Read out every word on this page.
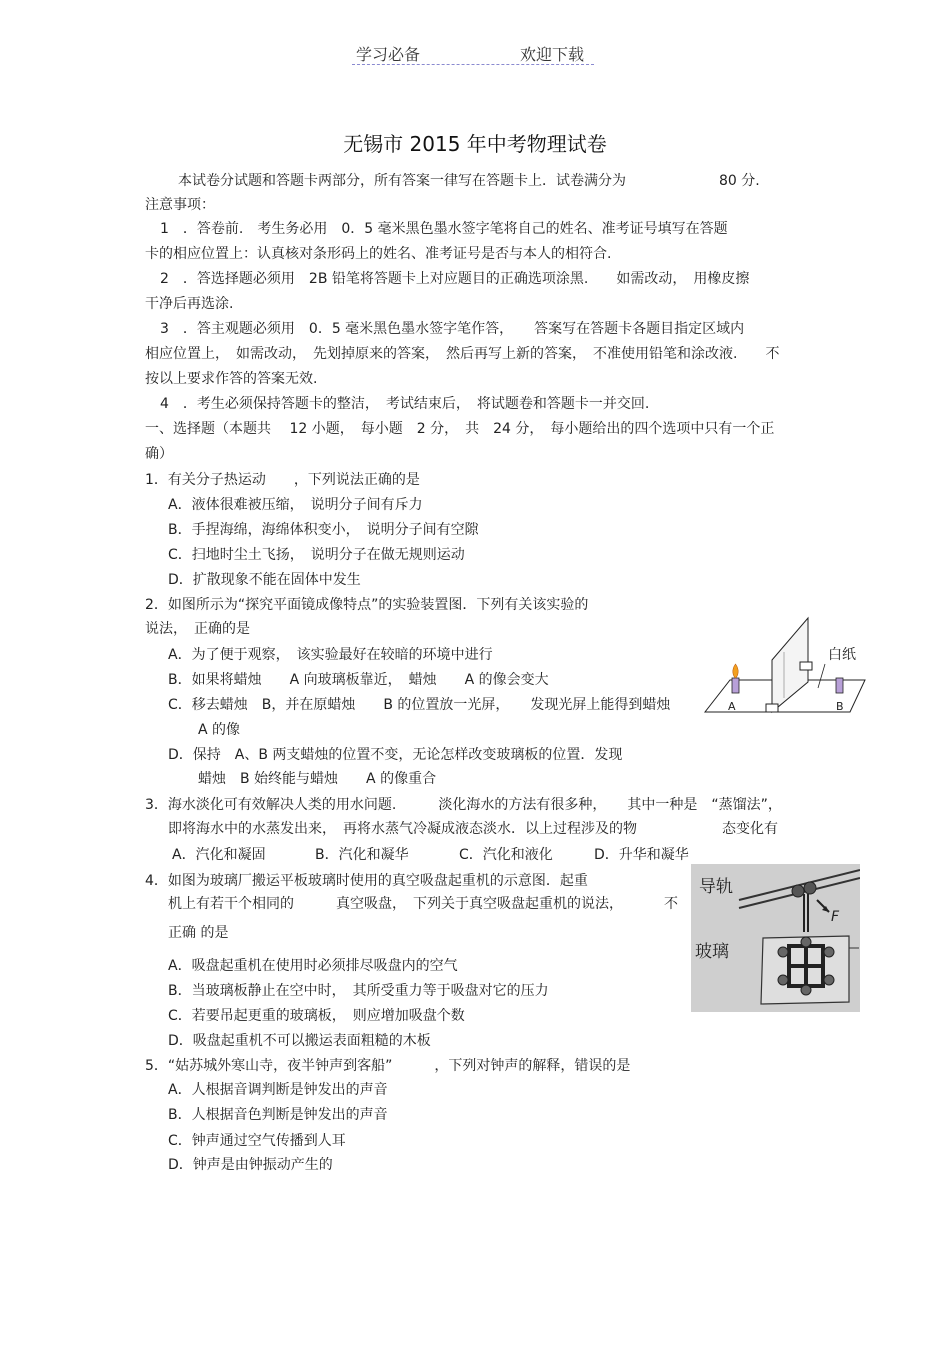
学习必备	欢迎下载
无锡市 2015 年中考物理试卷
本试卷分试题和答题卡两部分，所有答案一律写在答题卡上．试卷满分为	80 分.
注意事项：
1　．答卷前.　考生务必用　0．5 毫米黑色墨水签字笔将自己的姓名、准考证号填写在答题
卡的相应位置上：认真核对条形码上的姓名、准考证号是否与本人的相符合.
2　．答选择题必须用　2B 铅笔将答题卡上对应题目的正确选项涂黑.　　如需改动，　用橡皮擦
干净后再选涂.
3　．答主观题必须用　0．5 毫米黑色墨水签字笔作答，　　答案写在答题卡各题目指定区域内
相应位置上，　如需改动，　先划掉原来的答案，　然后再写上新的答案，　不准使用铅笔和涂改液.　　不
按以上要求作答的答案无效.
4　．考生必须保持答题卡的整洁，　考试结束后，　将试题卷和答题卡一并交回.
一、选择题（本题共　 12 小题，　每小题　2 分，　共　24 分，　每小题给出的四个选项中只有一个正
确）
1．有关分子热运动　　，下列说法正确的是
A．液体很难被压缩，　说明分子间有斥力
B．手捏海绵，海绵体积变小，　说明分子间有空隙
C．扫地时尘土飞扬，　说明分子在做无规则运动
D．扩散现象不能在固体中发生
2．如图所示为“探究平面镜成像特点”的实验装置图．下列有关该实验的
说法，　正确的是
A．为了便于观察，　该实验最好在较暗的环境中进行
B．如果将蜡烛　　A 向玻璃板靠近，　蜡烛　　A 的像会变大
C．移去蜡烛　B，并在原蜡烛　　B 的位置放一光屏，　　发现光屏上能得到蜡烛
A 的像
D．保持　A、B 两支蜡烛的位置不变，无论怎样改变玻璃板的位置．发现
蜡烛　B 始终能与蜡烛　　A 的像重合
白纸
A	B
3．海水淡化可有效解决人类的用水问题.　　　淡化海水的方法有很多种，　　其中一种是　“蒸馏法”，
即将海水中的水蒸发出来，　再将水蒸气冷凝成液态淡水．以上过程涉及的物	态变化有
A．汽化和凝固	B．汽化和凝华	C．汽化和液化	D．升华和凝华
4．如图为玻璃厂搬运平板玻璃时使用的真空吸盘起重机的示意图．起重
机上有若干个相同的　　　真空吸盘，　下列关于真空吸盘起重机的说法，	不
正确 的是
A．吸盘起重机在使用时必须排尽吸盘内的空气
B．当玻璃板静止在空中时，　其所受重力等于吸盘对它的压力
C．若要吊起更重的玻璃板，　则应增加吸盘个数
D．吸盘起重机不可以搬运表面粗糙的木板
导轨
F
玻璃
5．“姑苏城外寒山寺，夜半钟声到客船”　　　，下列对钟声的解释，错误的是
A．人根据音调判断是钟发出的声音
B．人根据音色判断是钟发出的声音
C．钟声通过空气传播到人耳
D．钟声是由钟振动产生的
